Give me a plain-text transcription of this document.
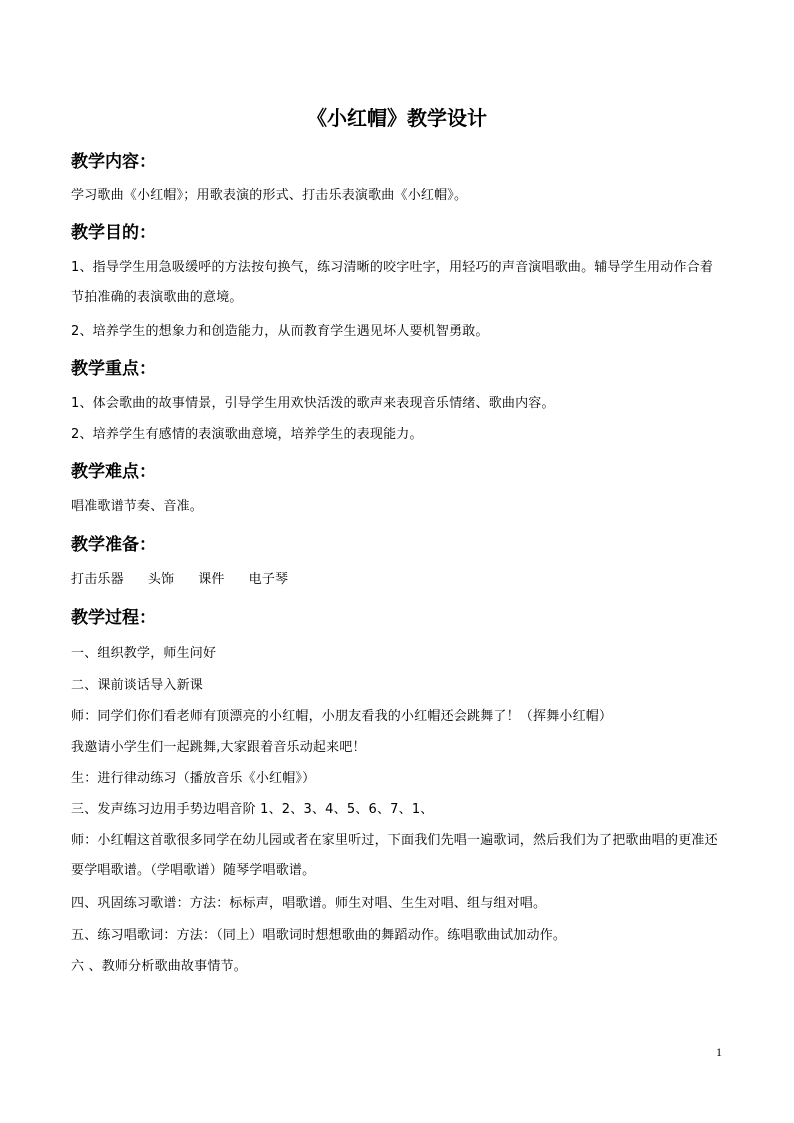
《小红帽》教学设计
教学内容：
学习歌曲《小红帽》；用歌表演的形式、打击乐表演歌曲《小红帽》。
教学目的：
1、指导学生用急吸缓呼的方法按句换气，练习清晰的咬字吐字，用轻巧的声音演唱歌曲。辅导学生用动作合着节拍准确的表演歌曲的意境。
2、培养学生的想象力和创造能力，从而教育学生遇见坏人要机智勇敢。
教学重点：
1、体会歌曲的故事情景，引导学生用欢快活泼的歌声来表现音乐情绪、歌曲内容。
2、培养学生有感情的表演歌曲意境，培养学生的表现能力。
教学难点：
唱准歌谱节奏、音准。
教学准备：
打击乐器 头饰 课件 电子琴
教学过程：
一、组织教学，师生问好
二、课前谈话导入新课
师：同学们你们看老师有顶漂亮的小红帽，小朋友看我的小红帽还会跳舞了！（挥舞小红帽）
我邀请小学生们一起跳舞,大家跟着音乐动起来吧！
生：进行律动练习（播放音乐《小红帽》）
三、发声练习边用手势边唱音阶 1、2、3、4、5、6、7、1、
师：小红帽这首歌很多同学在幼儿园或者在家里听过，下面我们先唱一遍歌词，然后我们为了把歌曲唱的更准还要学唱歌谱。（学唱歌谱）随琴学唱歌谱。
四、巩固练习歌谱：方法：标标声，唱歌谱。师生对唱、生生对唱、组与组对唱。
五、练习唱歌词：方法：（同上）唱歌词时想想歌曲的舞蹈动作。练唱歌曲试加动作。
六 、教师分析歌曲故事情节。
1
